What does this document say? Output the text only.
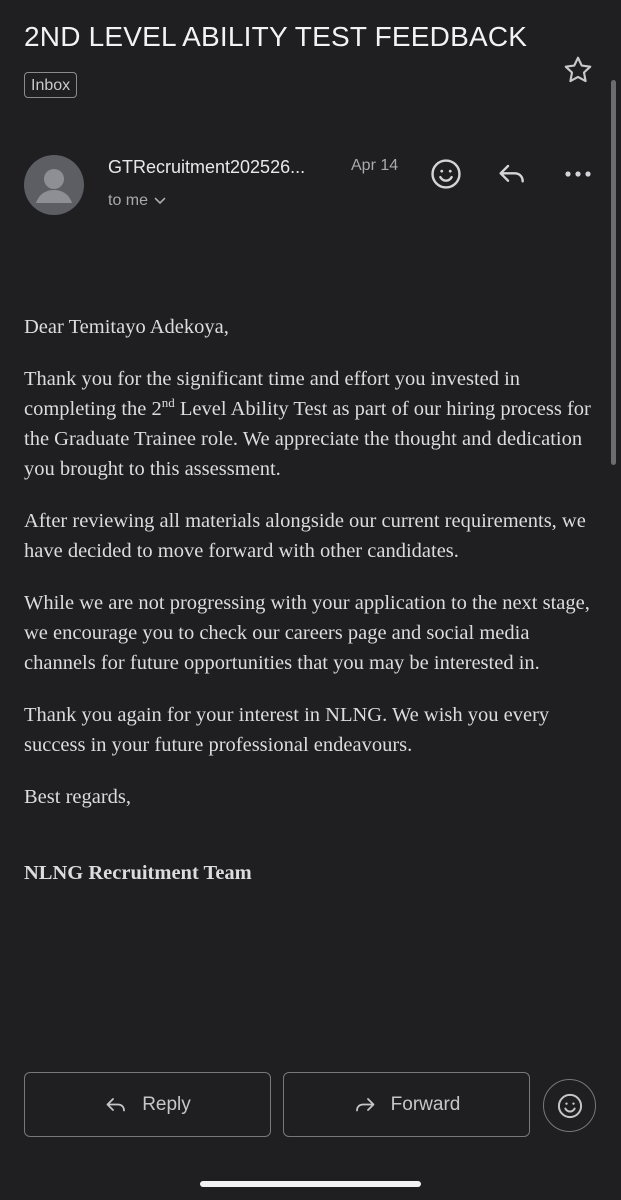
2ND LEVEL ABILITY TEST FEEDBACK
Inbox
GTRecruitment202526...	Apr 14
to me

Dear Temitayo Adekoya,

Thank you for the significant time and effort you invested in completing the 2nd Level Ability Test as part of our hiring process for the Graduate Trainee role. We appreciate the thought and dedication you brought to this assessment.

After reviewing all materials alongside our current requirements, we have decided to move forward with other candidates.

While we are not progressing with your application to the next stage, we encourage you to check our careers page and social media channels for future opportunities that you may be interested in.

Thank you again for your interest in NLNG. We wish you every success in your future professional endeavours.

Best regards,

NLNG Recruitment Team

Reply	Forward
